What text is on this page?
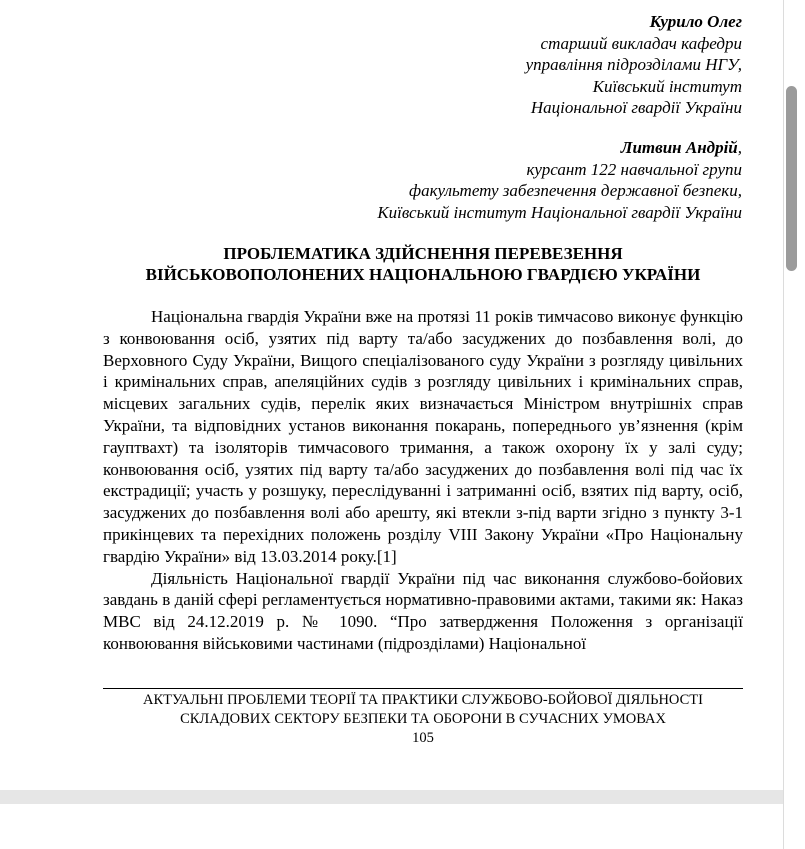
Курило Олег
старший викладач кафедри
управління підрозділами НГУ,
Київський інститут
Національної гвардії України
Литвин Андрій,
курсант 122 навчальної групи
факультету забезпечення державної безпеки,
Київський інститут Національної гвардії України
ПРОБЛЕМАТИКА ЗДІЙСНЕННЯ ПЕРЕВЕЗЕННЯ
ВІЙСЬКОВОПОЛОНЕНИХ НАЦІОНАЛЬНОЮ ГВАРДІЄЮ УКРАЇНИ

Національна гвардія України вже на протязі 11 років тимчасово виконує функцію з конвоювання осіб, узятих під варту та/або засуджених до позбавлення волі, до Верховного Суду України, Вищого спеціалізованого суду України з розгляду цивільних і кримінальних справ, апеляційних судів з розгляду цивільних і кримінальних справ, місцевих загальних судів, перелік яких визначається Міністром внутрішніх справ України, та відповідних установ виконання покарань, попереднього ув’язнення (крім гауптвахт) та ізоляторів тимчасового тримання, а також охорону їх у залі суду; конвоювання осіб, узятих під варту та/або засуджених до позбавлення волі під час їх екстрадиції; участь у розшуку, переслідуванні і затриманні осіб, взятих під варту, осіб, засуджених до позбавлення волі або арешту, які втекли з-під варти згідно з пункту 3-1 прикінцевих та перехідних положень розділу VIII Закону України «Про Національну гвардію України» від 13.03.2014 року.[1]

Діяльність Національної гвардії України під час виконання службово-бойових завдань в даній сфері регламентується нормативно-правовими актами, такими як: Наказ МВС від 24.12.2019 р. № 1090. “Про затвердження Положення з організації конвоювання військовими частинами (підрозділами) Національної

АКТУАЛЬНІ ПРОБЛЕМИ ТЕОРІЇ ТА ПРАКТИКИ СЛУЖБОВО-БОЙОВОЇ ДІЯЛЬНОСТІ
СКЛАДОВИХ СЕКТОРУ БЕЗПЕКИ ТА ОБОРОНИ В СУЧАСНИХ УМОВАХ
105
